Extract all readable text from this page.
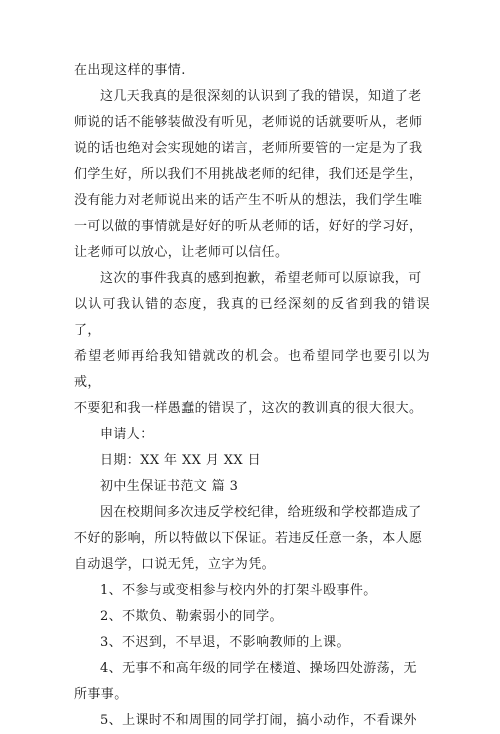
在出现这样的事情.

这几天我真的是很深刻的认识到了我的错误，知道了老
师说的话不能够装做没有听见，老师说的话就要听从，老师
说的话也绝对会实现她的诺言，老师所要管的一定是为了我
们学生好，所以我们不用挑战老师的纪律，我们还是学生，
没有能力对老师说出来的话产生不听从的想法，我们学生唯
一可以做的事情就是好好的听从老师的话，好好的学习好，
让老师可以放心，让老师可以信任。

这次的事件我真的感到抱歉，希望老师可以原谅我，可
以认可我认错的态度，我真的已经深刻的反省到我的错误了，
希望老师再给我知错就改的机会。也希望同学也要引以为戒，
不要犯和我一样愚蠢的错误了，这次的教训真的很大很大。

申请人：

日期：XX 年 XX 月 XX 日

初中生保证书范文 篇 3

因在校期间多次违反学校纪律，给班级和学校都造成了
不好的影响，所以特做以下保证。若违反任意一条，本人愿
自动退学，口说无凭，立字为凭。

1、不参与或变相参与校内外的打架斗殴事件。

2、不欺负、勒索弱小的同学。

3、不迟到，不早退，不影响教师的上课。

4、无事不和高年级的同学在楼道、操场四处游荡，无
所事事。

5、上课时不和周围的同学打闹，搞小动作，不看课外
